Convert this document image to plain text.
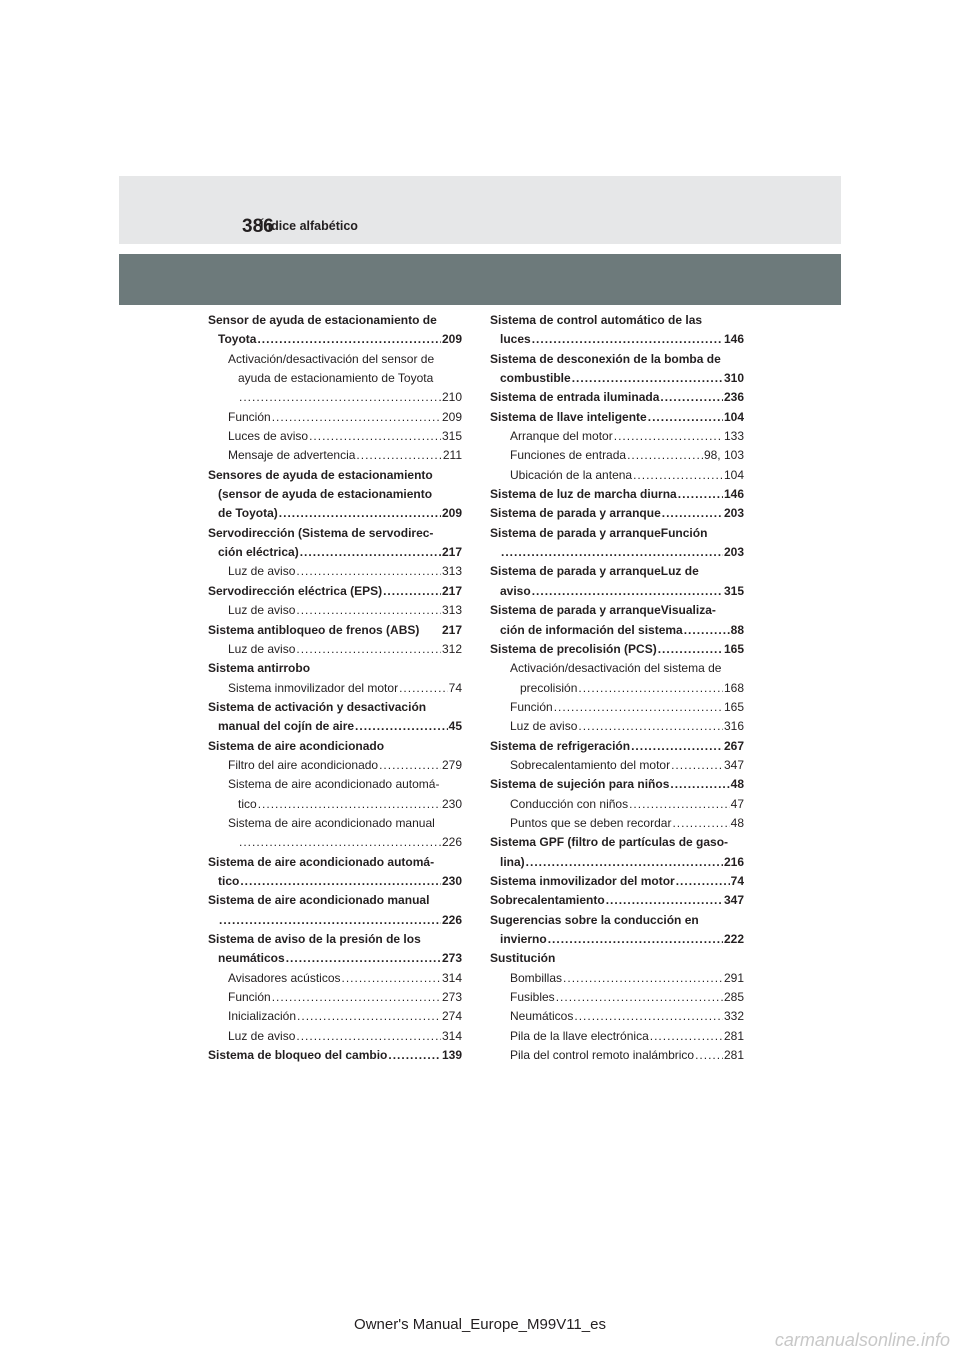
386
Índice alfabético
Sensor de ayuda de estacionamiento de
Toyota .....	209
Activación/desactivación del sensor de
ayuda de estacionamiento de Toyota
.....
210
Función .....	209
Luces de aviso .....	315
Mensaje de advertencia .....	211
Sensores de ayuda de estacionamiento
(sensor de ayuda de estacionamiento
de Toyota) .....	209
Servodirección (Sistema de servodirec-
ción eléctrica) .....	217
Luz de aviso .....	313
Servodirección eléctrica (EPS) .....	217
Luz de aviso .....	313
Sistema antibloqueo de frenos (ABS) 217
Luz de aviso .....	312
Sistema antirrobo
Sistema inmovilizador del motor .....	74
Sistema de activación y desactivación
manual del cojín de aire .....	45
Sistema de aire acondicionado
Filtro del aire acondicionado .....	279
Sistema de aire acondicionado automá-
tico .....	230
Sistema de aire acondicionado manual
.....
226
Sistema de aire acondicionado automá-
tico .....	230
Sistema de aire acondicionado manual
.....
226
Sistema de aviso de la presión de los
neumáticos .....	273
Avisadores acústicos .....	314
Función .....	273
Inicialización .....	274
Luz de aviso .....	314
Sistema de bloqueo del cambio .....	139
Sistema de control automático de las
luces .....	146
Sistema de desconexión de la bomba de
combustible .....	310
Sistema de entrada iluminada .....	236
Sistema de llave inteligente .....	104
Arranque del motor .....	133
Funciones de entrada .....	98, 103
Ubicación de la antena .....	104
Sistema de luz de marcha diurna .....	146
Sistema de parada y arranque .....	203
Sistema de parada y arranqueFunción
.....
203
Sistema de parada y arranqueLuz de
aviso .....	315
Sistema de parada y arranqueVisualiza-
ción de información del sistema .....	88
Sistema de precolisión (PCS) .....	165
Activación/desactivación del sistema de
precolisión .....	168
Función .....	165
Luz de aviso .....	316
Sistema de refrigeración .....	267
Sobrecalentamiento del motor .....	347
Sistema de sujeción para niños .....	48
Conducción con niños .....	47
Puntos que se deben recordar .....	48
Sistema GPF (filtro de partículas de gaso-
lina) .....	216
Sistema inmovilizador del motor .....	74
Sobrecalentamiento .....	347
Sugerencias sobre la conducción en
invierno .....	222
Sustitución
Bombillas .....	291
Fusibles .....	285
Neumáticos .....	332
Pila de la llave electrónica .....	281
Pila del control remoto inalámbrico ..... 281
Owner's Manual_Europe_M99V11_es
carmanualsonline.info
